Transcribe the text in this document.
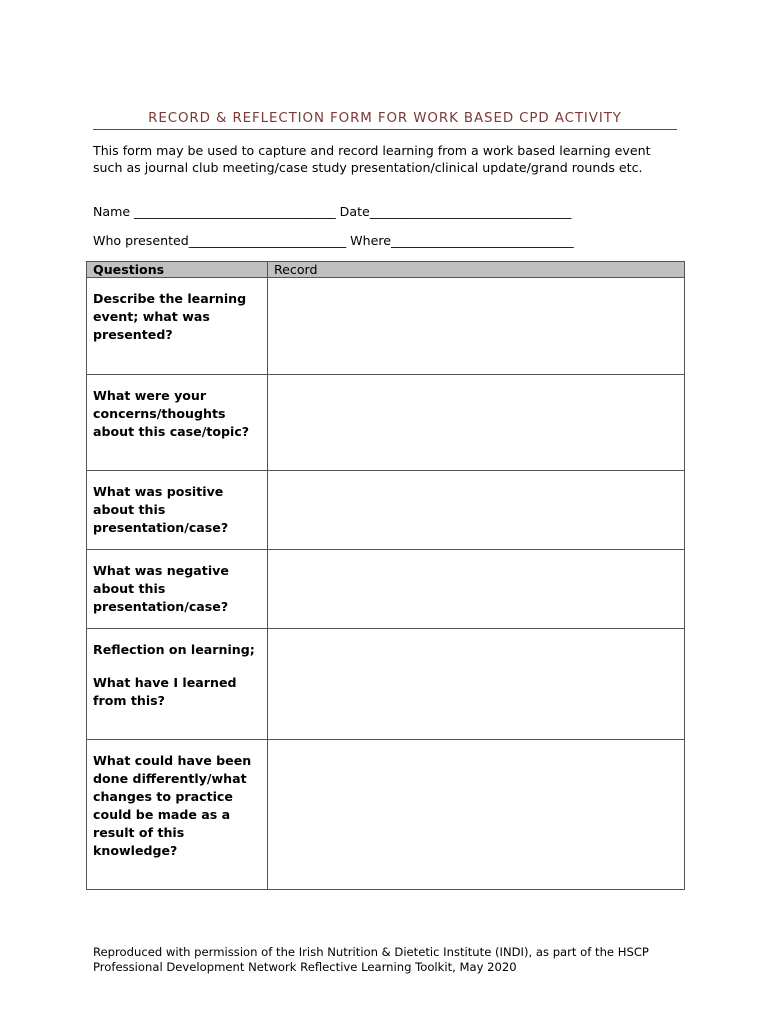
RECORD & REFLECTION FORM FOR WORK BASED CPD ACTIVITY
This form may be used to capture and record learning from a work based learning event such as journal club meeting/case study presentation/clinical update/grand rounds etc.
Name ________________________________ Date________________________________
Who presented_________________________ Where_____________________________
Questions	Record

Describe the learning event; what was presented?	

What were your concerns/thoughts about this case/topic?	

What was positive about this presentation/case?	

What was negative about this presentation/case?	

Reflection on learning;

What have I learned from this?	

What could have been done differently/what changes to practice could be made as a result of this knowledge?	

Reproduced with permission of the Irish Nutrition & Dietetic Institute (INDI), as part of the HSCP Professional Development Network Reflective Learning Toolkit, May 2020
